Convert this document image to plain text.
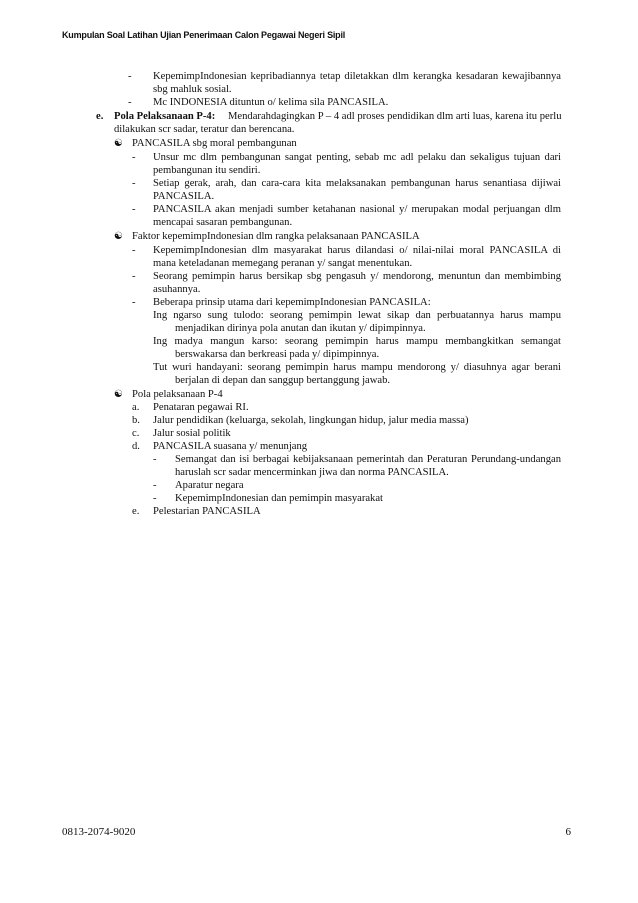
Kumpulan Soal Latihan Ujian Penerimaan Calon Pegawai Negeri Sipil
- KepemimpIndonesian kepribadiannya tetap diletakkan dlm kerangka kesadaran kewajibannya
sbg mahluk sosial.
- Mc INDONESIA dituntun o/ kelima sila PANCASILA.
e. Pola Pelaksanaan P-4: Mendarahdagingkan P – 4 adl proses pendidikan dlm arti luas, karena itu perlu
dilakukan scr sadar, teratur dan berencana.
☯ PANCASILA sbg moral pembangunan
- Unsur mc dlm pembangunan sangat penting, sebab mc adl pelaku dan sekaligus tujuan dari
pembangunan itu sendiri.
- Setiap gerak, arah, dan cara-cara kita melaksanakan pembangunan harus senantiasa dijiwai
PANCASILA.
- PANCASILA akan menjadi sumber ketahanan nasional y/ merupakan modal perjuangan dlm
mencapai sasaran pembangunan.
☯ Faktor kepemimpIndonesian dlm rangka pelaksanaan PANCASILA
- KepemimpIndonesian dlm masyarakat harus dilandasi o/ nilai-nilai moral PANCASILA di
mana keteladanan memegang peranan y/ sangat menentukan.
- Seorang pemimpin harus bersikap sbg pengasuh y/ mendorong, menuntun dan membimbing
asuhannya.
- Beberapa prinsip utama dari kepemimpIndonesian PANCASILA:
Ing ngarso sung tulodo: seorang pemimpin lewat sikap dan perbuatannya harus mampu
menjadikan dirinya pola anutan dan ikutan y/ dipimpinnya.
Ing madya mangun karso: seorang pemimpin harus mampu membangkitkan semangat
berswakarsa dan berkreasi pada y/ dipimpinnya.
Tut wuri handayani: seorang pemimpin harus mampu mendorong y/ diasuhnya agar berani
berjalan di depan dan sanggup bertanggung jawab.
☯ Pola pelaksanaan P-4
a. Penataran pegawai RI.
b. Jalur pendidikan (keluarga, sekolah, lingkungan hidup, jalur media massa)
c. Jalur sosial politik
d. PANCASILA suasana y/ menunjang
- Semangat dan isi berbagai kebijaksanaan pemerintah dan Peraturan Perundang-undangan
haruslah scr sadar mencerminkan jiwa dan norma PANCASILA.
- Aparatur negara
- KepemimpIndonesian dan pemimpin masyarakat
e. Pelestarian PANCASILA
0813-2074-9020	6
